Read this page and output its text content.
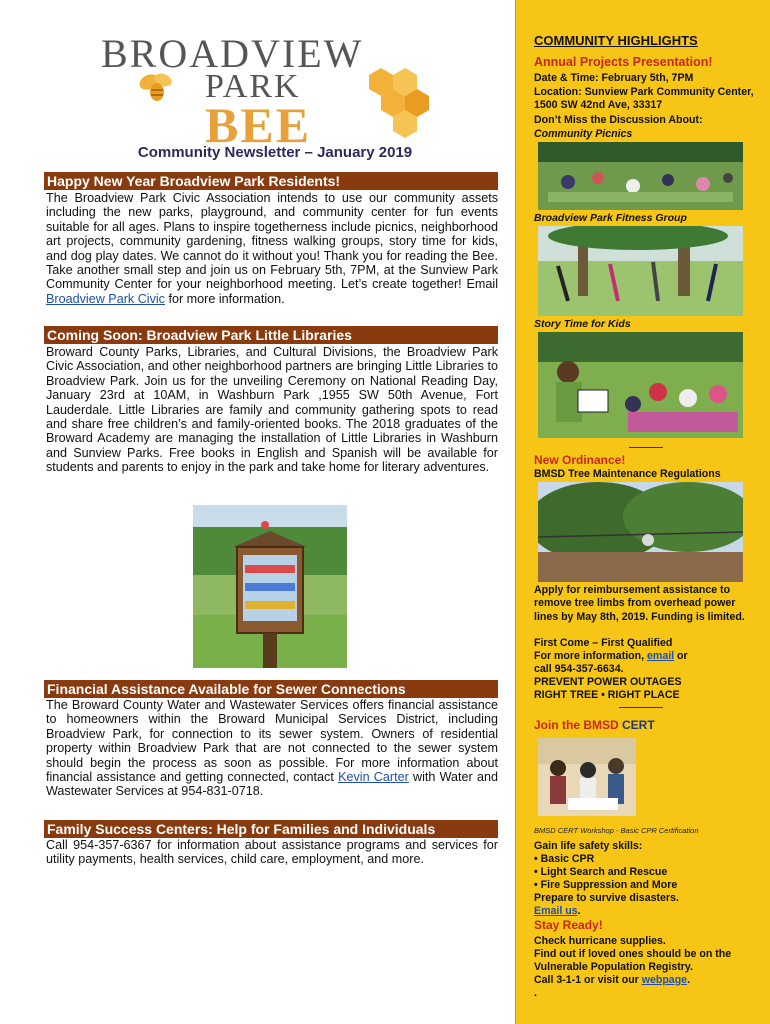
BROADVIEW
PARK
BEE
Community Newsletter – January 2019
Happy New Year Broadview Park Residents!
The Broadview Park Civic Association intends to use our community assets including the new parks, playground, and community center for fun events suitable for all ages. Plans to inspire togetherness include picnics, neighborhood art projects, community gardening, fitness walking groups, story time for kids, and dog play dates. We cannot do it without you! Thank you for reading the Bee. Take another small step and join us on February 5th, 7PM, at the Sunview Park Community Center for your neighborhood meeting. Let’s create together! Email Broadview Park Civic for more information.
Coming Soon: Broadview Park Little Libraries
Broward County Parks, Libraries, and Cultural Divisions, the Broadview Park Civic Association, and other neighborhood partners are bringing Little Libraries to Broadview Park. Join us for the unveiling Ceremony on National Reading Day, January 23rd at 10AM, in Washburn Park ,1955 SW 50th Avenue, Fort Lauderdale. Little Libraries are family and community gathering spots to read and share free children’s and family-oriented books. The 2018 graduates of the Broward Academy are managing the installation of Little Libraries in Washburn and Sunview Parks. Free books in English and Spanish will be available for students and parents to enjoy in the park and take home for literary adventures.
Financial Assistance Available for Sewer Connections
The Broward County Water and Wastewater Services offers financial assistance to homeowners within the Broward Municipal Services District, including Broadview Park, for connection to its sewer system. Owners of residential property within Broadview Park that are not connected to the sewer system should begin the process as soon as possible. For more information about financial assistance and getting connected, contact Kevin Carter with Water and Wastewater Services at 954-831-0718.
Family Success Centers: Help for Families and Individuals
Call 954-357-6367 for information about assistance programs and services for utility payments, health services, child care, employment, and more.
COMMUNITY HIGHLIGHTS
Annual Projects Presentation!
Date & Time: February 5th, 7PM
Location: Sunview Park Community Center, 1500 SW 42nd Ave, 33317
Don’t Miss the Discussion About:
Community Picnics
Broadview Park Fitness Group
Story Time for Kids
New Ordinance!
BMSD Tree Maintenance Regulations
Apply for reimbursement assistance to remove tree limbs from overhead power lines by May 8th, 2019. Funding is limited.
First Come – First Qualified
For more information, email or
call 954-357-6634.
PREVENT POWER OUTAGES
RIGHT TREE • RIGHT PLACE
Join the BMSD CERT
BMSD CERT Workshop - Basic CPR Certification
Gain life safety skills:
• Basic CPR
• Light Search and Rescue
• Fire Suppression and More
Prepare to survive disasters.
Email us.
Stay Ready!
Check hurricane supplies.
Find out if loved ones should be on the Vulnerable Population Registry.
Call 3-1-1 or visit our webpage.
.
